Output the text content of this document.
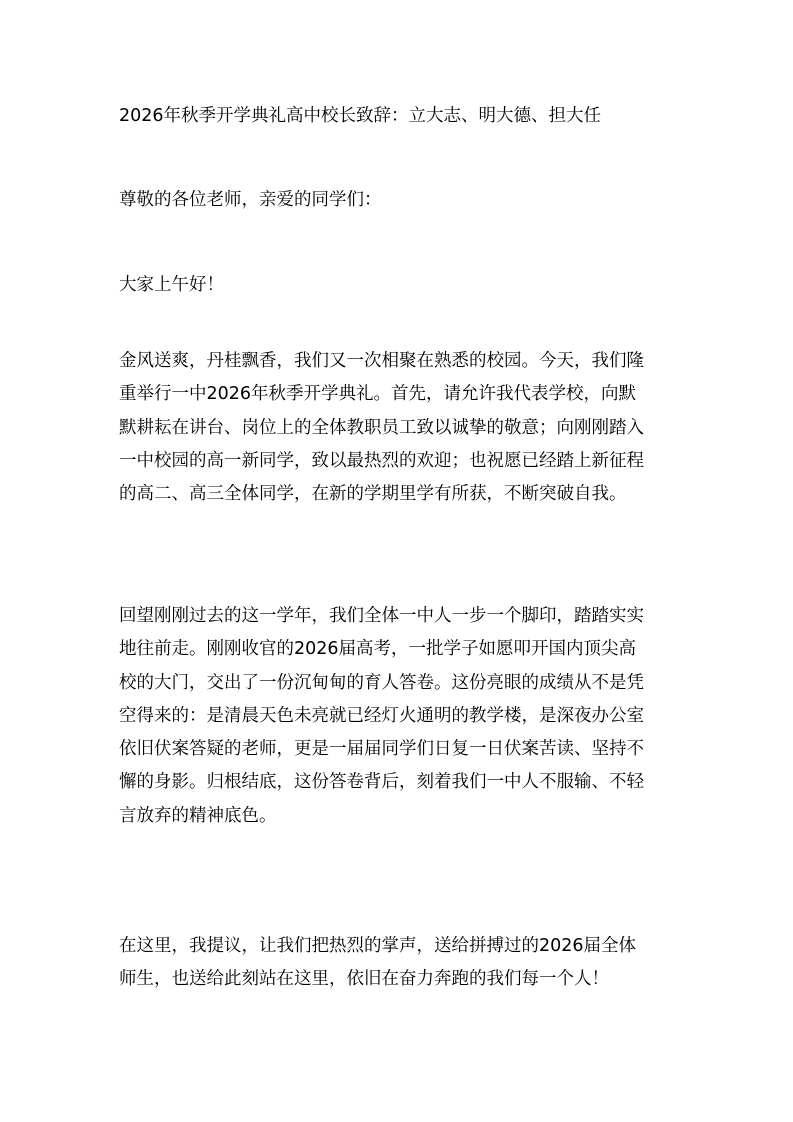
2026年秋季开学典礼高中校长致辞：立大志、明大德、担大任

尊敬的各位老师，亲爱的同学们：

大家上午好！

金风送爽，丹桂飘香，我们又一次相聚在熟悉的校园。今天，我们隆
重举行一中2026年秋季开学典礼。首先，请允许我代表学校，向默
默耕耘在讲台、岗位上的全体教职员工致以诚挚的敬意；向刚刚踏入
一中校园的高一新同学，致以最热烈的欢迎；也祝愿已经踏上新征程
的高二、高三全体同学，在新的学期里学有所获，不断突破自我。
回望刚刚过去的这一学年，我们全体一中人一步一个脚印，踏踏实实
地往前走。刚刚收官的2026届高考，一批学子如愿叩开国内顶尖高
校的大门，交出了一份沉甸甸的育人答卷。这份亮眼的成绩从不是凭
空得来的：是清晨天色未亮就已经灯火通明的教学楼，是深夜办公室
依旧伏案答疑的老师，更是一届届同学们日复一日伏案苦读、坚持不
懈的身影。归根结底，这份答卷背后，刻着我们一中人不服输、不轻
言放弃的精神底色。
在这里，我提议，让我们把热烈的掌声，送给拼搏过的2026届全体
师生，也送给此刻站在这里，依旧在奋力奔跑的我们每一个人！
